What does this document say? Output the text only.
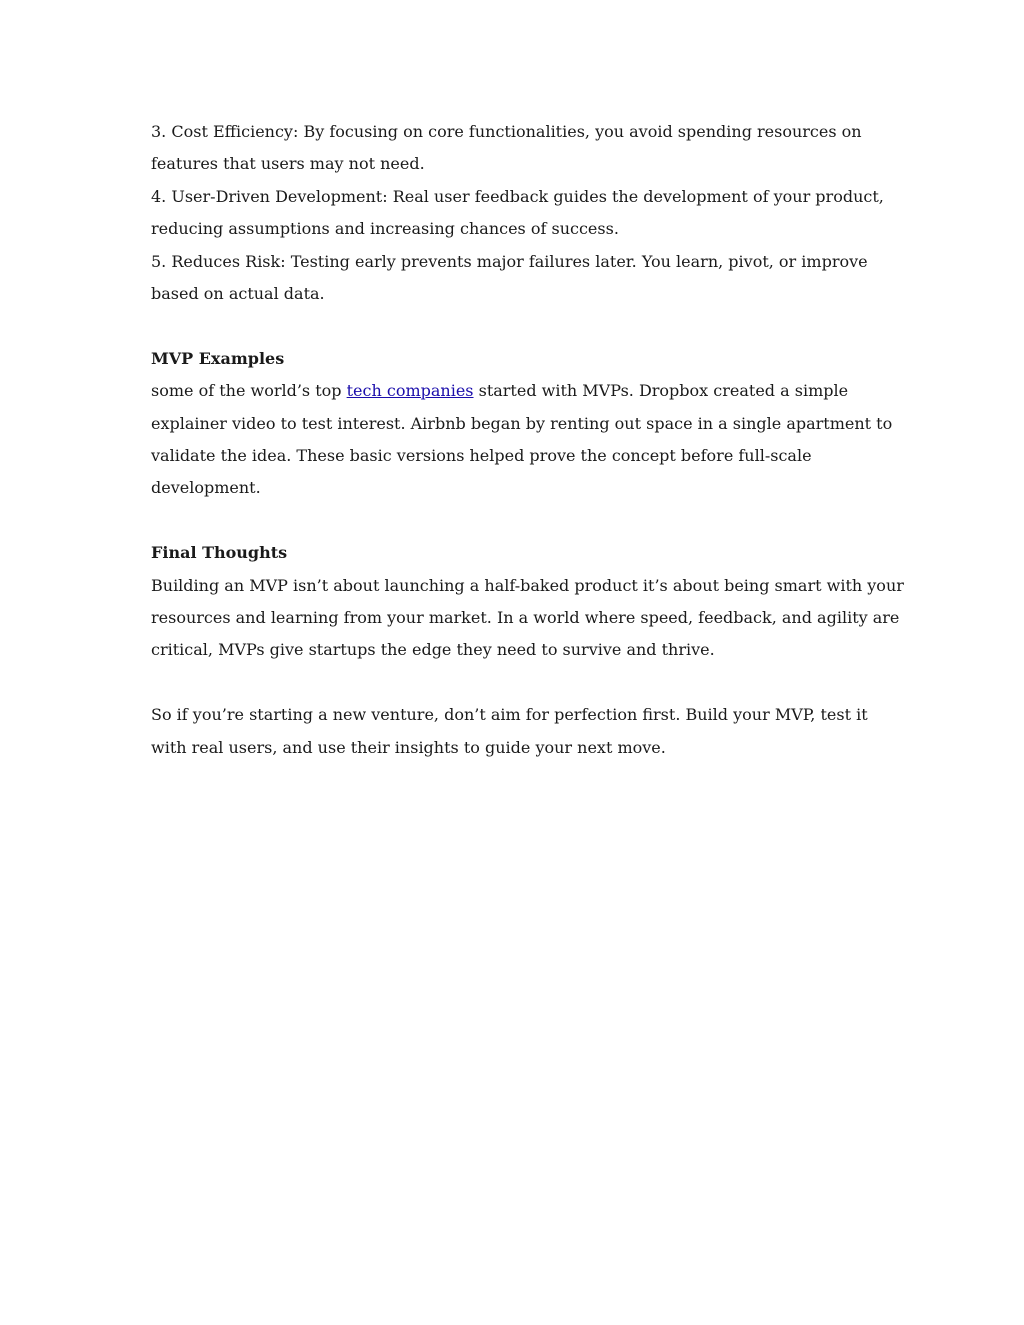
3. Cost Efficiency: By focusing on core functionalities, you avoid spending resources on
features that users may not need.
4. User-Driven Development: Real user feedback guides the development of your product,
reducing assumptions and increasing chances of success.
5. Reduces Risk: Testing early prevents major failures later. You learn, pivot, or improve
based on actual data.
MVP Examples
some of the world’s top tech companies started with MVPs. Dropbox created a simple
explainer video to test interest. Airbnb began by renting out space in a single apartment to
validate the idea. These basic versions helped prove the concept before full-scale
development.
Final Thoughts
Building an MVP isn’t about launching a half-baked product it’s about being smart with your
resources and learning from your market. In a world where speed, feedback, and agility are
critical, MVPs give startups the edge they need to survive and thrive.
So if you’re starting a new venture, don’t aim for perfection first. Build your MVP, test it
with real users, and use their insights to guide your next move.
